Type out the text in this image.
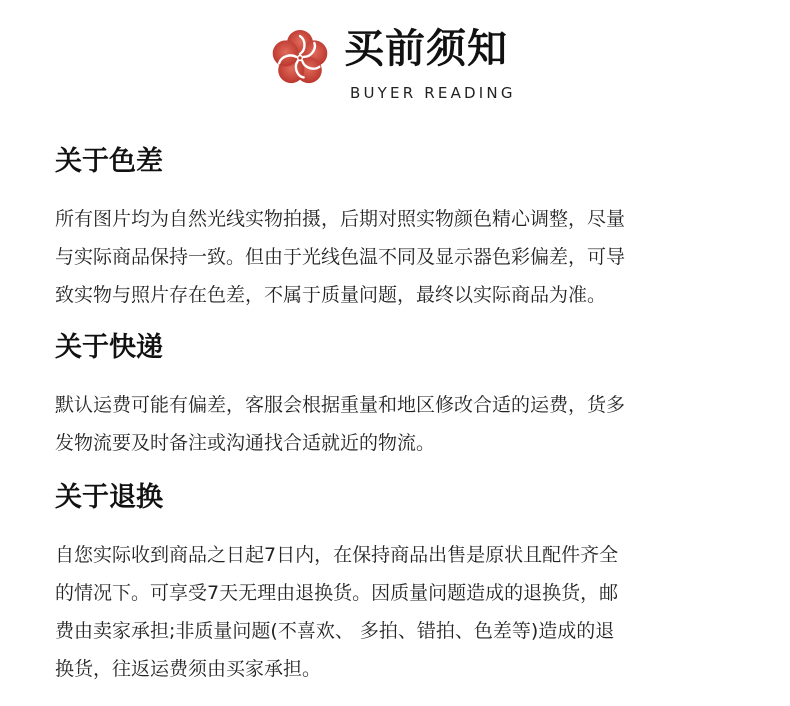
买前须知
BUYER READING
关于色差

所有图片均为自然光线实物拍摄，后期对照实物颜色精心调整，尽量
与实际商品保持一致。但由于光线色温不同及显示器色彩偏差，可导
致实物与照片存在色差，不属于质量问题，最终以实际商品为准。

关于快递

默认运费可能有偏差，客服会根据重量和地区修改合适的运费，货多
发物流要及时备注或沟通找合适就近的物流。

关于退换

自您实际收到商品之日起7日内，在保持商品出售是原状且配件齐全
的情况下。可享受7天无理由退换货。因质量问题造成的退换货，邮
费由卖家承担;非质量问题(不喜欢、 多拍、错拍、色差等)造成的退
换货，往返运费须由买家承担。
